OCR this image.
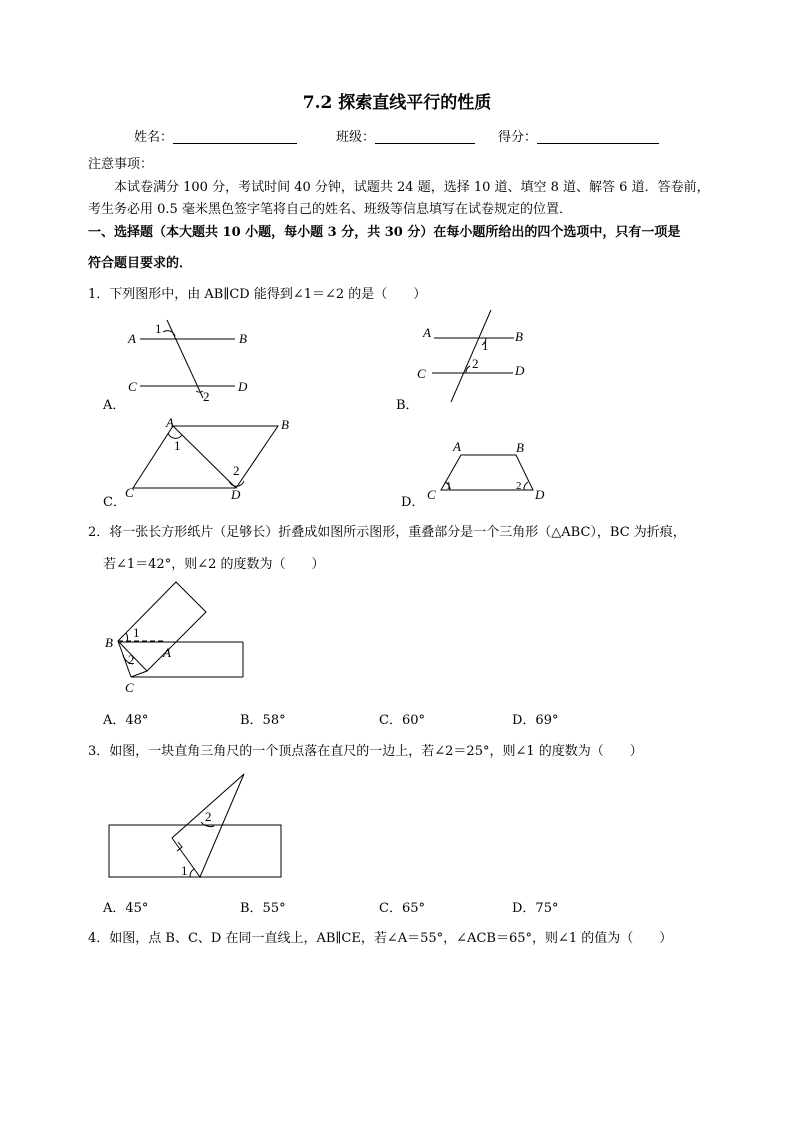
7.2 探索直线平行的性质
姓名：	班级：	得分：
注意事项：
本试卷满分 100 分，考试时间 40 分钟，试题共 24 题，选择 10 道、填空 8 道、解答 6 道．答卷前，
考生务必用 0.5 毫米黑色签字笔将自己的姓名、班级等信息填写在试卷规定的位置．
一、选择题（本大题共 10 小题，每小题 3 分，共 30 分）在每小题所给出的四个选项中，只有一项是
符合题目要求的．
1．下列图形中，由 AB∥CD 能得到∠1＝∠2 的是（　　）
A	B
C	D
1
2
A	B
C	D
1
2
A	B
C	D
1
2
A	B
C	D
1	2
B
1
2 A
C
2
1
A．	B．
C．	D．
2．将一张长方形纸片（足够长）折叠成如图所示图形，重叠部分是一个三角形（△ABC），BC 为折痕，
若∠1＝42°，则∠2 的度数为（　　）
A．48°	B．58°	C．60°	D．69°
3．如图，一块直角三角尺的一个顶点落在直尺的一边上，若∠2＝25°，则∠1 的度数为（　　）
A．45°	B．55°	C．65°	D．75°
4．如图，点 B、C、D 在同一直线上，AB∥CE，若∠A＝55°，∠ACB＝65°，则∠1 的值为（　　）
